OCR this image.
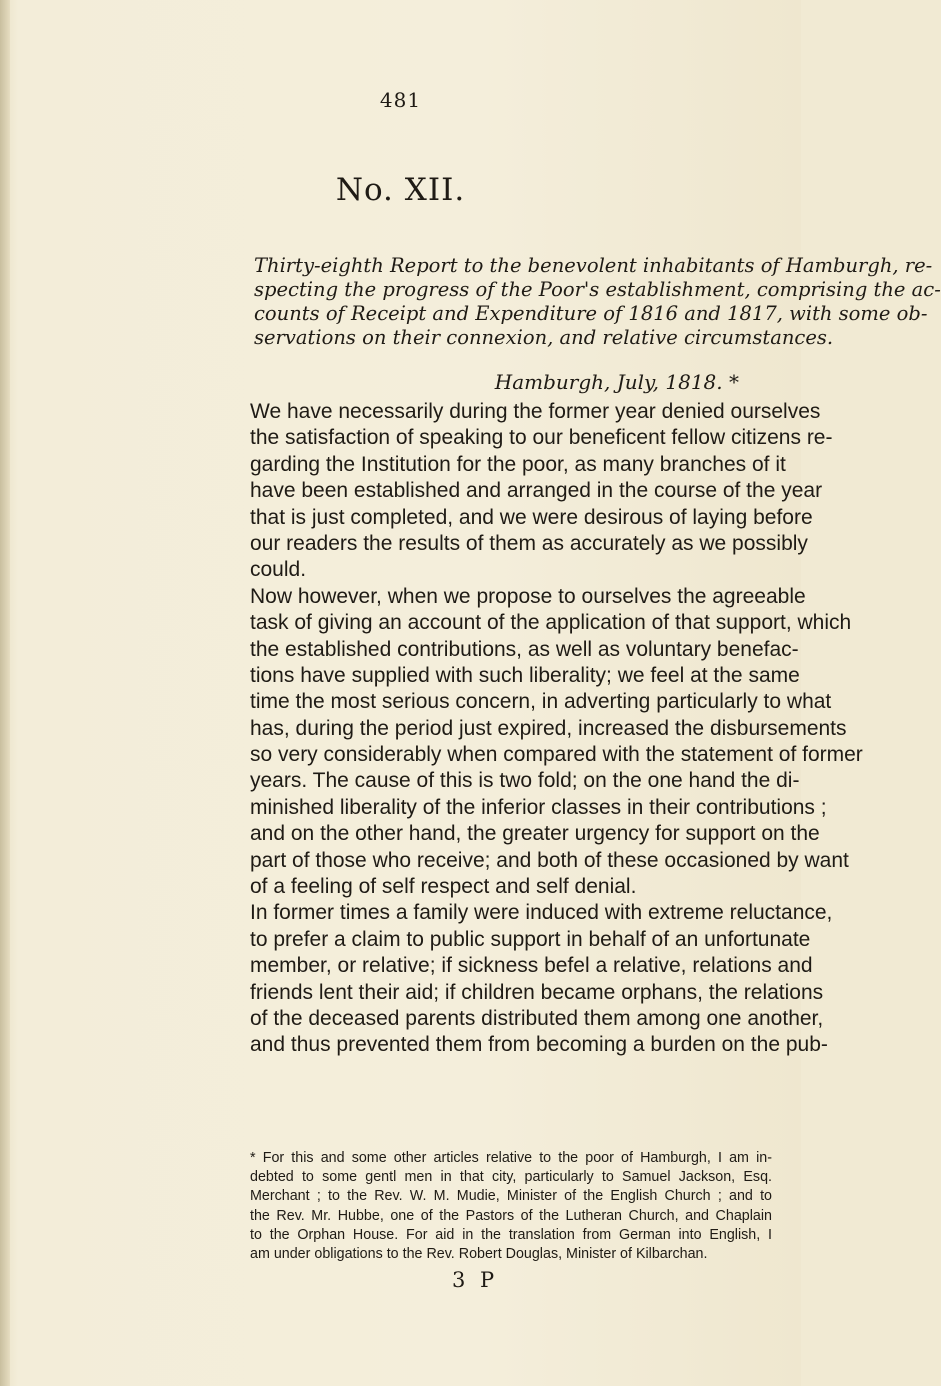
481
No. XII.
Thirty-eighth Report to the benevolent inhabitants of Hamburgh, re-
specting the progress of the Poor's establishment, comprising the ac-
counts of Receipt and Expenditure of 1816 and 1817, with some ob-
servations on their connexion, and relative circumstances.
Hamburgh, July, 1818. *
We have necessarily during the former year denied ourselves
the satisfaction of speaking to our beneficent fellow citizens re-
garding the Institution for the poor, as many branches of it
have been established and arranged in the course of the year
that is just completed, and we were desirous of laying before
our readers the results of them as accurately as we possibly
could.
Now however, when we propose to ourselves the agreeable
task of giving an account of the application of that support, which
the established contributions, as well as voluntary benefac-
tions have supplied with such liberality; we feel at the same
time the most serious concern, in adverting particularly to what
has, during the period just expired, increased the disbursements
so very considerably when compared with the statement of former
years. The cause of this is two fold; on the one hand the di-
minished liberality of the inferior classes in their contributions ;
and on the other hand, the greater urgency for support on the
part of those who receive; and both of these occasioned by want
of a feeling of self respect and self denial.
In former times a family were induced with extreme reluctance,
to prefer a claim to public support in behalf of an unfortunate
member, or relative; if sickness befel a relative, relations and
friends lent their aid; if children became orphans, the relations
of the deceased parents distributed them among one another,
and thus prevented them from becoming a burden on the pub-
* For this and some other articles relative to the poor of Hamburgh, I am in-
debted to some gentl men in that city, particularly to Samuel Jackson, Esq.
Merchant ; to the Rev. W. M. Mudie, Minister of the English Church ; and to
the Rev. Mr. Hubbe, one of the Pastors of the Lutheran Church, and Chaplain
to the Orphan House. For aid in the translation from German into English, I
am under obligations to the Rev. Robert Douglas, Minister of Kilbarchan.
3 P
